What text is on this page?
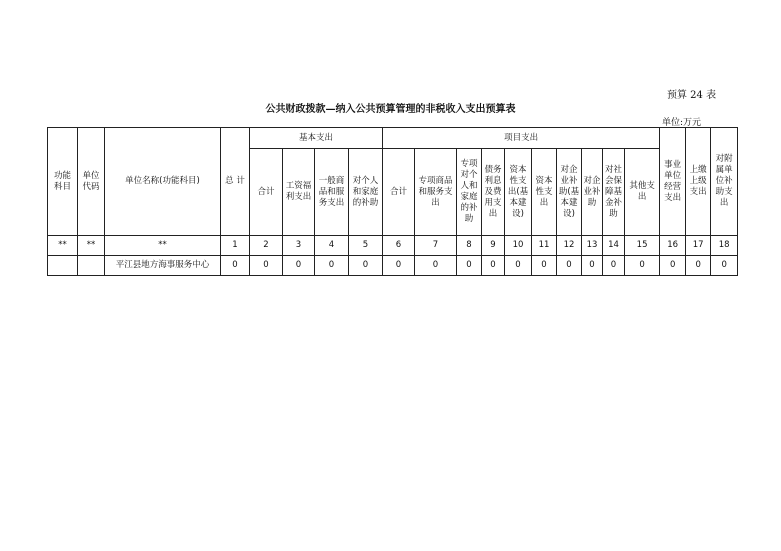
预算 24 表
公共财政拨款—纳入公共预算管理的非税收入支出预算表
单位:万元
功能科目	单位代码	单位名称(功能科目)	总 计	基本支出				项目支出										事业单位经营支出	上缴上级支出	对附属单位补助支出
				合计	工资福利支出	一般商品和服务支出	对个人和家庭的补助	合计	专项商品和服务支出	专项对个人和家庭的补助	债务利息及费用支出	资本性支出(基本建设)	资本性支出	对企业补助(基本建设)	对企业补助	对社会保障基金补助	其他支出			
**	**	**	1	2	3	4	5	6	7	8	9	10	11	12	13	14	15	16	17	18
		平江县地方海事服务中心	0	0	0	0	0	0	0	0	0	0	0	0	0	0	0	0	0	0
